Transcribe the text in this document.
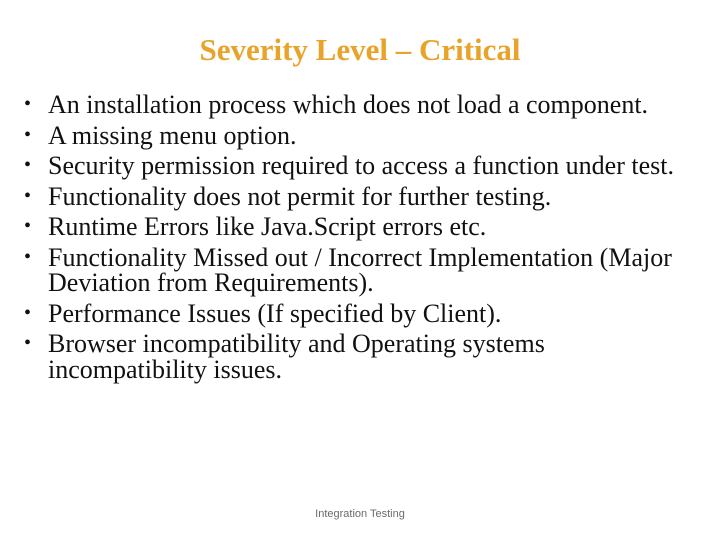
Severity Level – Critical
• An installation process which does not load a component.
• A missing menu option.
• Security permission required to access a function under test.
• Functionality does not permit for further testing.
• Runtime Errors like Java.Script errors etc.
• Functionality Missed out / Incorrect Implementation (Major Deviation from Requirements).
• Performance Issues (If specified by Client).
• Browser incompatibility and Operating systems incompatibility issues.
Integration Testing
